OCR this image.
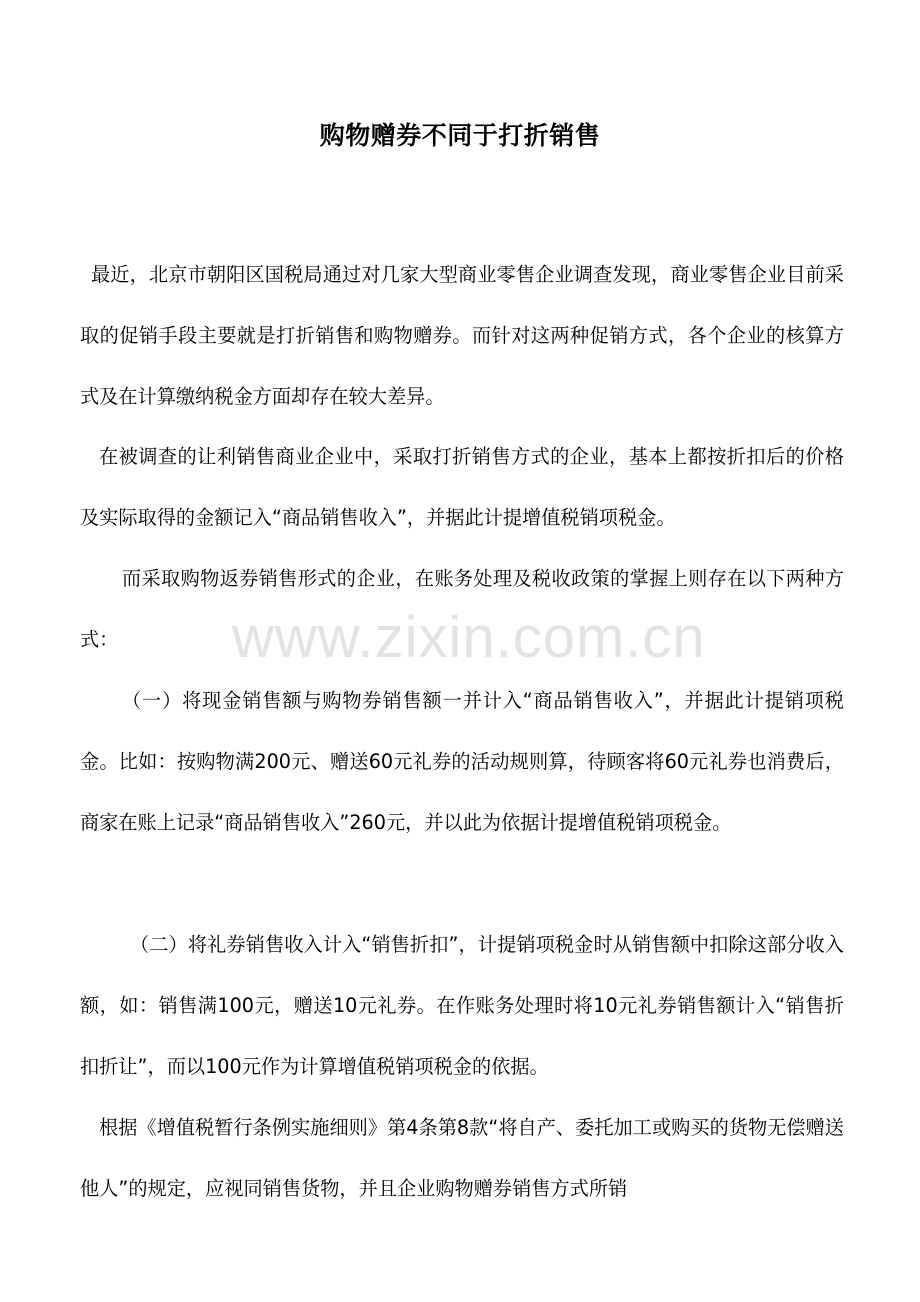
购物赠券不同于打折销售

最近，北京市朝阳区国税局通过对几家大型商业零售企业调查发现，商业零售企业目前采取的促销手段主要就是打折销售和购物赠券。而针对这两种促销方式，各个企业的核算方式及在计算缴纳税金方面却存在较大差异。

在被调查的让利销售商业企业中，采取打折销售方式的企业，基本上都按折扣后的价格及实际取得的金额记入“商品销售收入”，并据此计提增值税销项税金。

而采取购物返券销售形式的企业，在账务处理及税收政策的掌握上则存在以下两种方式：

（一）将现金销售额与购物券销售额一并计入“商品销售收入”，并据此计提销项税金。比如：按购物满200元、赠送60元礼券的活动规则算，待顾客将60元礼券也消费后，商家在账上记录“商品销售收入”260元，并以此为依据计提增值税销项税金。

（二）将礼券销售收入计入“销售折扣”，计提销项税金时从销售额中扣除这部分收入额，如：销售满100元，赠送10元礼券。在作账务处理时将10元礼券销售额计入“销售折扣折让”，而以100元作为计算增值税销项税金的依据。

根据《增值税暂行条例实施细则》第4条第8款“将自产、委托加工或购买的货物无偿赠送他人”的规定，应视同销售货物，并且企业购物赠券销售方式所销

www.zixin.com.cn
